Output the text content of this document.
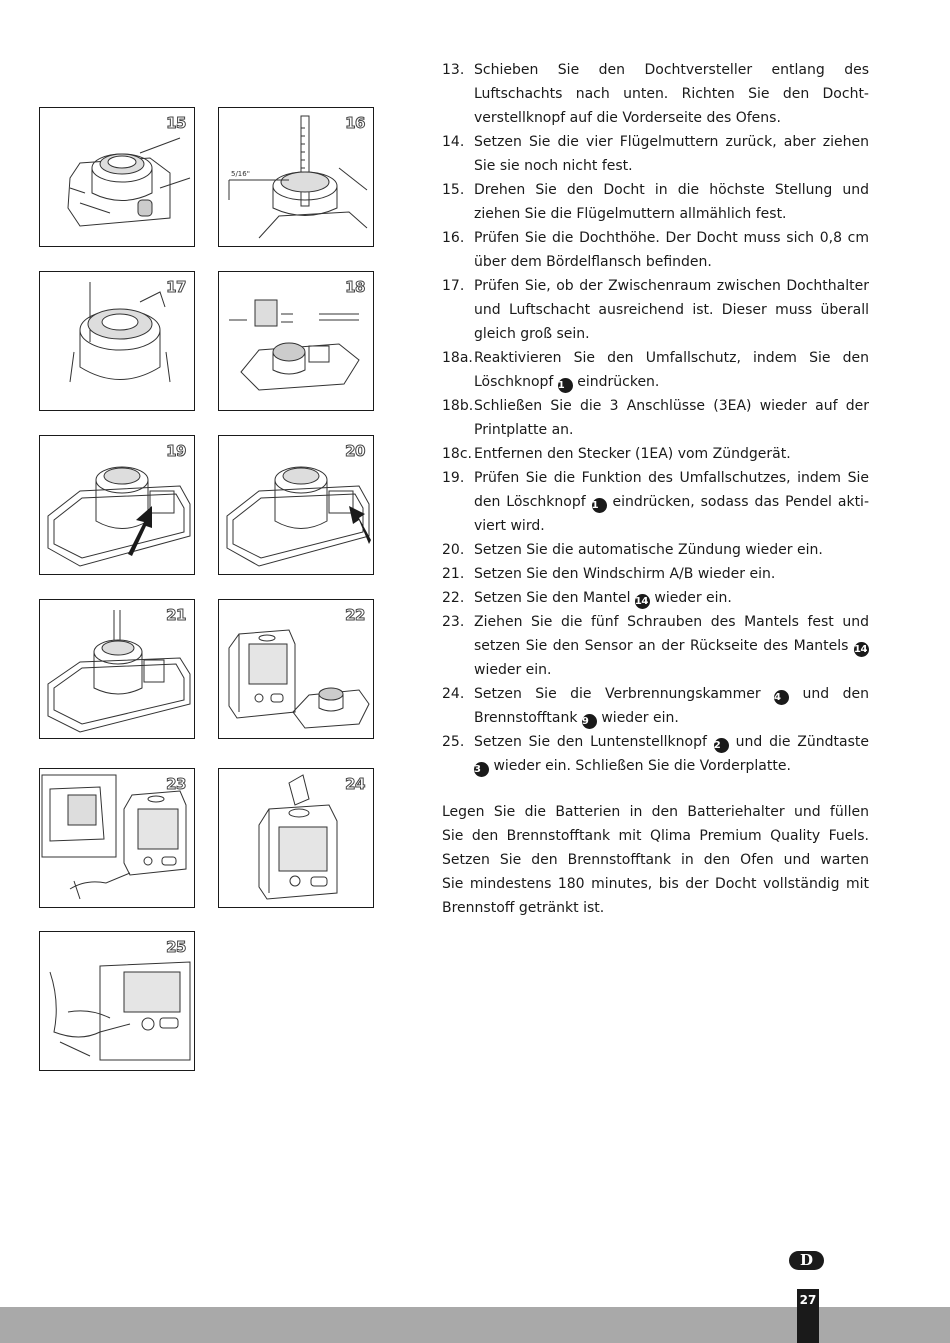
15
5/16"
16
17	18
19	20
21	22
23	24
25
13. Schieben Sie den Dochtversteller entlang des
Luftschachts nach unten. Richten Sie den Docht-
verstellknopf auf die Vorderseite des Ofens.
14. Setzen Sie die vier Flügelmuttern zurück, aber ziehen
Sie sie noch nicht fest.
15. Drehen Sie den Docht in die höchste Stellung und
ziehen Sie die Flügelmuttern allmählich fest.
16. Prüfen Sie die Dochthöhe. Der Docht muss sich 0,8 cm
über dem Bördelflansch befinden.
17. Prüfen Sie, ob der Zwischenraum zwischen Dochthalter
und Luftschacht ausreichend ist. Dieser muss überall
gleich groß sein.
18a. Reaktivieren Sie den Umfallschutz, indem Sie den
Löschknopf 1 eindrücken.
18b. Schließen Sie die 3 Anschlüsse (3EA) wieder auf der
Printplatte an.
18c. Entfernen den Stecker (1EA) vom Zündgerät.
19. Prüfen Sie die Funktion des Umfallschutzes, indem Sie
den Löschknopf 1 eindrücken, sodass das Pendel akti-
viert wird.
20. Setzen Sie die automatische Zündung wieder ein.
21. Setzen Sie den Windschirm A/B wieder ein.
22. Setzen Sie den Mantel 14 wieder ein.
23. Ziehen Sie die fünf Schrauben des Mantels fest und
setzen Sie den Sensor an der Rückseite des Mantels 14
wieder ein.
24. Setzen Sie die Verbrennungskammer 4 und den
Brennstofftank 9 wieder ein.
25. Setzen Sie den Luntenstellknopf 2 und die Zündtaste
3 wieder ein. Schließen Sie die Vorderplatte.
Legen Sie die Batterien in den Batteriehalter und füllen
Sie den Brennstofftank mit Qlima Premium Quality Fuels.
Setzen Sie den Brennstofftank in den Ofen und warten
Sie mindestens 180 minutes, bis der Docht vollständig mit
Brennstoff getränkt ist.
D
27
